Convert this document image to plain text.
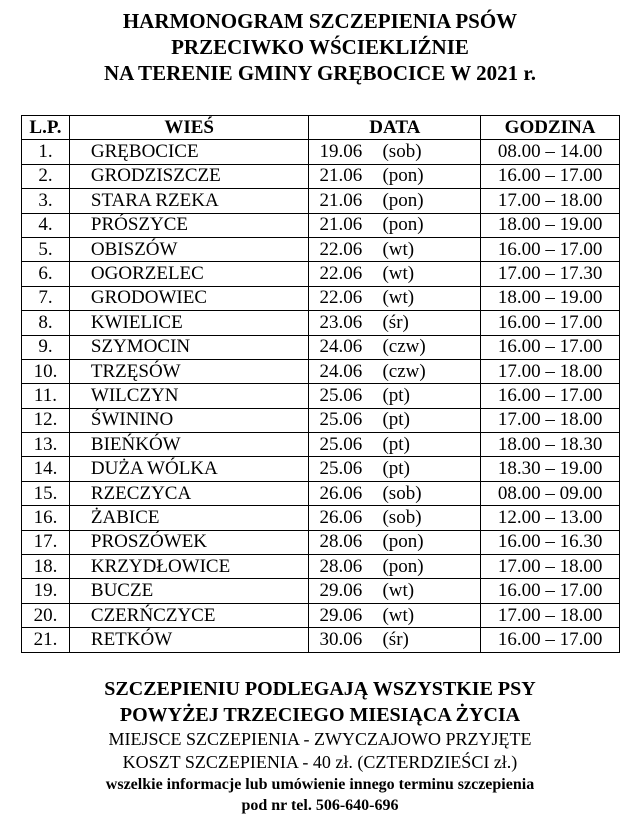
HARMONOGRAM SZCZEPIENIA PSÓW
PRZECIWKO WŚCIEKLIŹNIE
NA TERENIE GMINY GRĘBOCICE W 2021 r.
L.P.	WIEŚ	DATA	GODZINA
1.	GRĘBOCICE	19.06 (sob)	08.00 – 14.00
2.	GRODZISZCZE	21.06 (pon)	16.00 – 17.00
3.	STARA RZEKA	21.06 (pon)	17.00 – 18.00
4.	PRÓSZYCE	21.06 (pon)	18.00 – 19.00
5.	OBISZÓW	22.06 (wt)	16.00 – 17.00
6.	OGORZELEC	22.06 (wt)	17.00 – 17.30
7.	GRODOWIEC	22.06 (wt)	18.00 – 19.00
8.	KWIELICE	23.06 (śr)	16.00 – 17.00
9.	SZYMOCIN	24.06 (czw)	16.00 – 17.00
10.	TRZĘSÓW	24.06 (czw)	17.00 – 18.00
11.	WILCZYN	25.06 (pt)	16.00 – 17.00
12.	ŚWININO	25.06 (pt)	17.00 – 18.00
13.	BIEŃKÓW	25.06 (pt)	18.00 – 18.30
14.	DUŻA WÓLKA	25.06 (pt)	18.30 – 19.00
15.	RZECZYCA	26.06 (sob)	08.00 – 09.00
16.	ŻABICE	26.06 (sob)	12.00 – 13.00
17.	PROSZÓWEK	28.06 (pon)	16.00 – 16.30
18.	KRZYDŁOWICE	28.06 (pon)	17.00 – 18.00
19.	BUCZE	29.06 (wt)	16.00 – 17.00
20.	CZERŃCZYCE	29.06 (wt)	17.00 – 18.00
21.	RETKÓW	30.06 (śr)	16.00 – 17.00
SZCZEPIENIU PODLEGAJĄ WSZYSTKIE PSY
POWYŻEJ TRZECIEGO MIESIĄCA ŻYCIA
MIEJSCE SZCZEPIENIA - ZWYCZAJOWO PRZYJĘTE
KOSZT SZCZEPIENIA - 40 zł. (CZTERDZIEŚCI zł.)
wszelkie informacje lub umówienie innego terminu szczepienia
pod nr tel. 506-640-696
